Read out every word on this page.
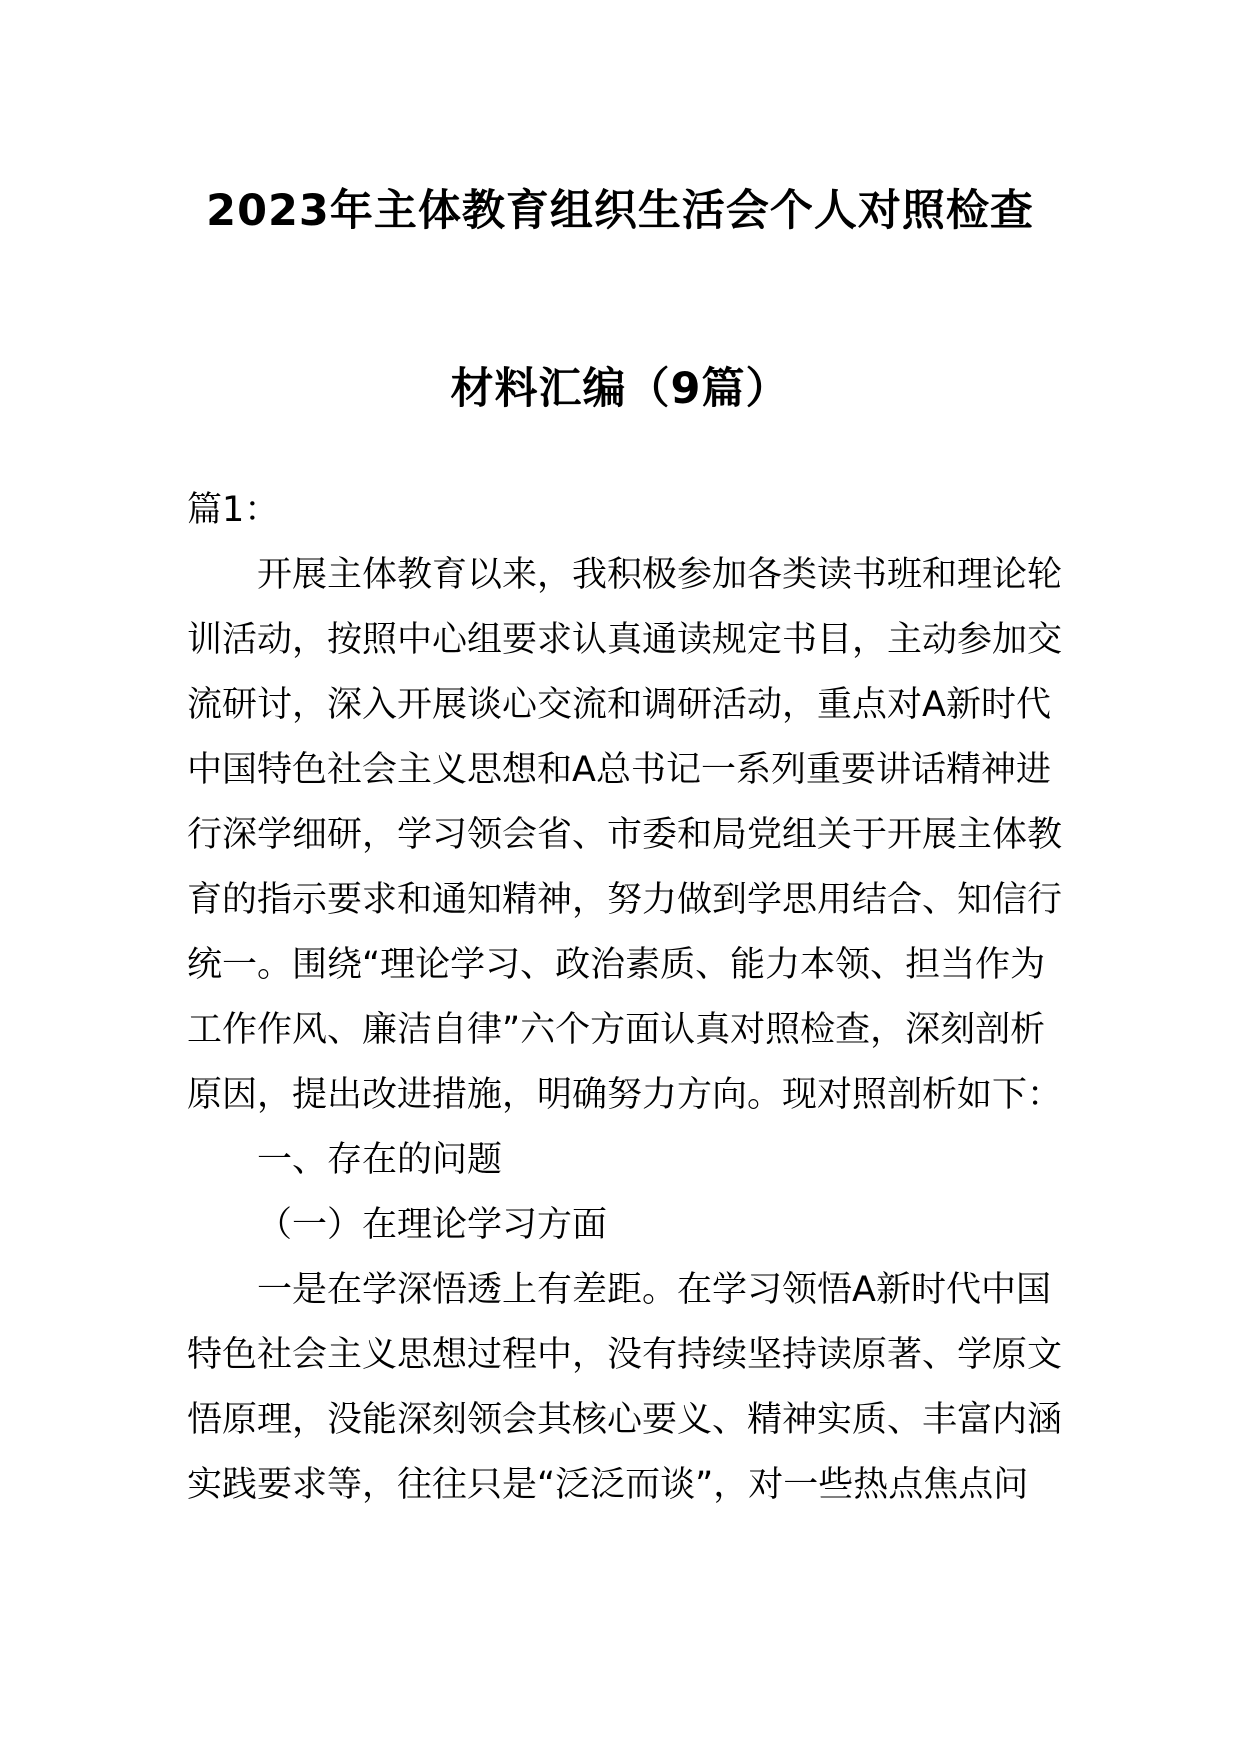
2023年主体教育组织生活会个人对照检查
材料汇编（9篇）
篇1：
开展主体教育以来，我积极参加各类读书班和理论轮
训活动，按照中心组要求认真通读规定书目，主动参加交
流研讨，深入开展谈心交流和调研活动，重点对A新时代
中国特色社会主义思想和A总书记一系列重要讲话精神进
行深学细研，学习领会省、市委和局党组关于开展主体教
育的指示要求和通知精神，努力做到学思用结合、知信行
统一。围绕“理论学习、政治素质、能力本领、担当作为
工作作风、廉洁自律”六个方面认真对照检查，深刻剖析
原因，提出改进措施，明确努力方向。现对照剖析如下：
一、存在的问题
（一）在理论学习方面
一是在学深悟透上有差距。在学习领悟A新时代中国
特色社会主义思想过程中，没有持续坚持读原著、学原文
悟原理，没能深刻领会其核心要义、精神实质、丰富内涵
实践要求等，往往只是“泛泛而谈”，对一些热点焦点问
